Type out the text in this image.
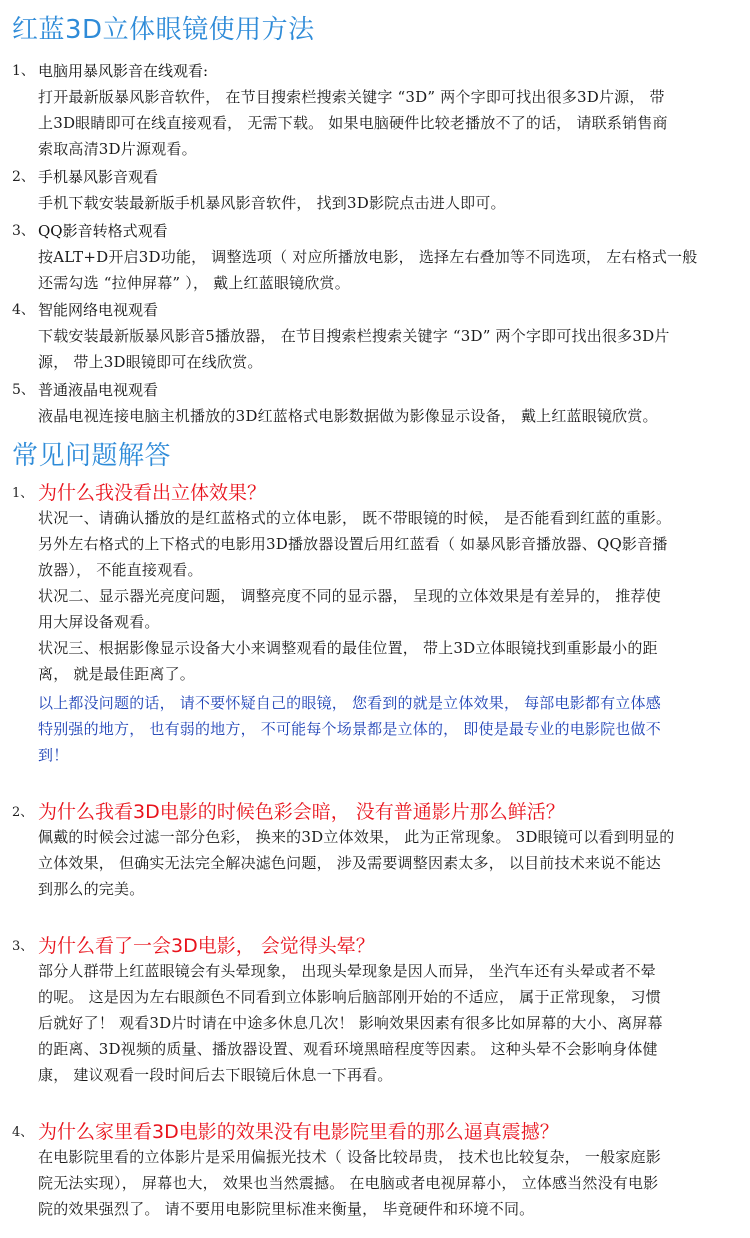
红蓝3D立体眼镜使用方法
1、 电脑用暴风影音在线观看:

打开最新版暴风影音软件， 在节目搜索栏搜索关键字 “3D” 两个字即可找出很多3D片源， 带

上3D眼睛即可在线直接观看， 无需下载。 如果电脑硬件比较老播放不了的话， 请联系销售商

索取高清3D片源观看。

2、 手机暴风影音观看

手机下载安装最新版手机暴风影音软件， 找到3D影院点击进人即可。

3、 QQ影音转格式观看

按ALT+D开启3D功能， 调整选项（ 对应所播放电影， 选择左右叠加等不同选项， 左右格式一般

还需勾选 “拉伸屏幕” ）， 戴上红蓝眼镜欣赏。

4、 智能网络电视观看

下载安装最新版暴风影音5播放器， 在节目搜索栏搜索关键字 “3D” 两个字即可找出很多3D片

源， 带上3D眼镜即可在线欣赏。

5、 普通液晶电视观看

液晶电视连接电脑主机播放的3D红蓝格式电影数据做为影像显示设备， 戴上红蓝眼镜欣赏。

常见问题解答
1、 为什么我没看出立体效果？

状况一、请确认播放的是红蓝格式的立体电影， 既不带眼镜的时候， 是否能看到红蓝的重影。

另外左右格式的上下格式的电影用3D播放器设置后用红蓝看（ 如暴风影音播放器、QQ影音播

放器）， 不能直接观看。

状况二、显示器光亮度问题， 调整亮度不同的显示器， 呈现的立体效果是有差异的， 推荐使

用大屏设备观看。

状况三、根据影像显示设备大小来调整观看的最佳位置， 带上3D立体眼镜找到重影最小的距

离， 就是最佳距离了。

以上都没问题的话， 请不要怀疑自己的眼镜， 您看到的就是立体效果， 每部电影都有立体感

特别强的地方， 也有弱的地方， 不可能每个场景都是立体的， 即使是最专业的电影院也做不

到！

2、 为什么我看3D电影的时候色彩会暗， 没有普通影片那么鲜活？

佩戴的时候会过滤一部分色彩， 换来的3D立体效果， 此为正常现象。 3D眼镜可以看到明显的

立体效果， 但确实无法完全解决滤色问题， 涉及需要调整因素太多， 以目前技术来说不能达

到那么的完美。

3、 为什么看了一会3D电影， 会觉得头晕？

部分人群带上红蓝眼镜会有头晕现象， 出现头晕现象是因人而异， 坐汽车还有头晕或者不晕

的呢。 这是因为左右眼颜色不同看到立体影响后脑部刚开始的不适应， 属于正常现象， 习惯

后就好了！ 观看3D片时请在中途多休息几次！ 影响效果因素有很多比如屏幕的大小、离屏幕

的距离、3D视频的质量、播放器设置、观看环境黑暗程度等因素。 这种头晕不会影响身体健

康， 建议观看一段时间后去下眼镜后休息一下再看。

4、 为什么家里看3D电影的效果没有电影院里看的那么逼真震撼？

在电影院里看的立体影片是采用偏振光技术（ 设备比较昂贵， 技术也比较复杂， 一般家庭影

院无法实现）， 屏幕也大， 效果也当然震撼。 在电脑或者电视屏幕小， 立体感当然没有电影

院的效果强烈了。 请不要用电影院里标准来衡量， 毕竟硬件和环境不同。
